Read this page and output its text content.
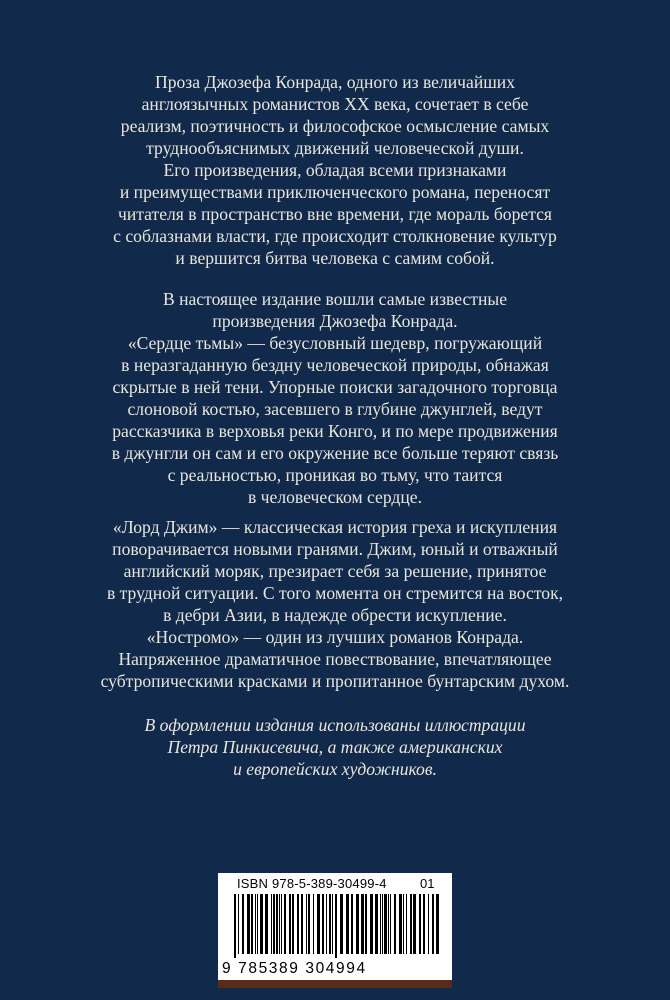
Проза Джозефа Конрада, одного из величайших

англоязычных романистов XX века, сочетает в себе

реализм, поэтичность и философское осмысление самых

труднообъяснимых движений человеческой души.

Его произведения, обладая всеми признаками

и преимуществами приключенческого романа, переносят

читателя в пространство вне времени, где мораль борется

с соблазнами власти, где происходит столкновение культур

и вершится битва человека с самим собой.

В настоящее издание вошли самые известные

произведения Джозефа Конрада.

«Сердце тьмы» — безусловный шедевр, погружающий

в неразгаданную бездну человеческой природы, обнажая

скрытые в ней тени. Упорные поиски загадочного торговца

слоновой костью, засевшего в глубине джунглей, ведут

рассказчика в верховья реки Конго, и по мере продвижения

в джунгли он сам и его окружение все больше теряют связь

с реальностью, проникая во тьму, что таится

в человеческом сердце.

«Лорд Джим» — классическая история греха и искупления

поворачивается новыми гранями. Джим, юный и отважный

английский моряк, презирает себя за решение, принятое

в трудной ситуации. С того момента он стремится на восток,

в дебри Азии, в надежде обрести искупление.

«Ностромо» — один из лучших романов Конрада.

Напряженное драматичное повествование, впечатляющее

субтропическими красками и пропитанное бунтарским духом.

В оформлении издания использованы иллюстрации

Петра Пинкисевича, а также американских

и европейских художников.

ISBN 978-5-389-30499-4	01
9 785389 304994
